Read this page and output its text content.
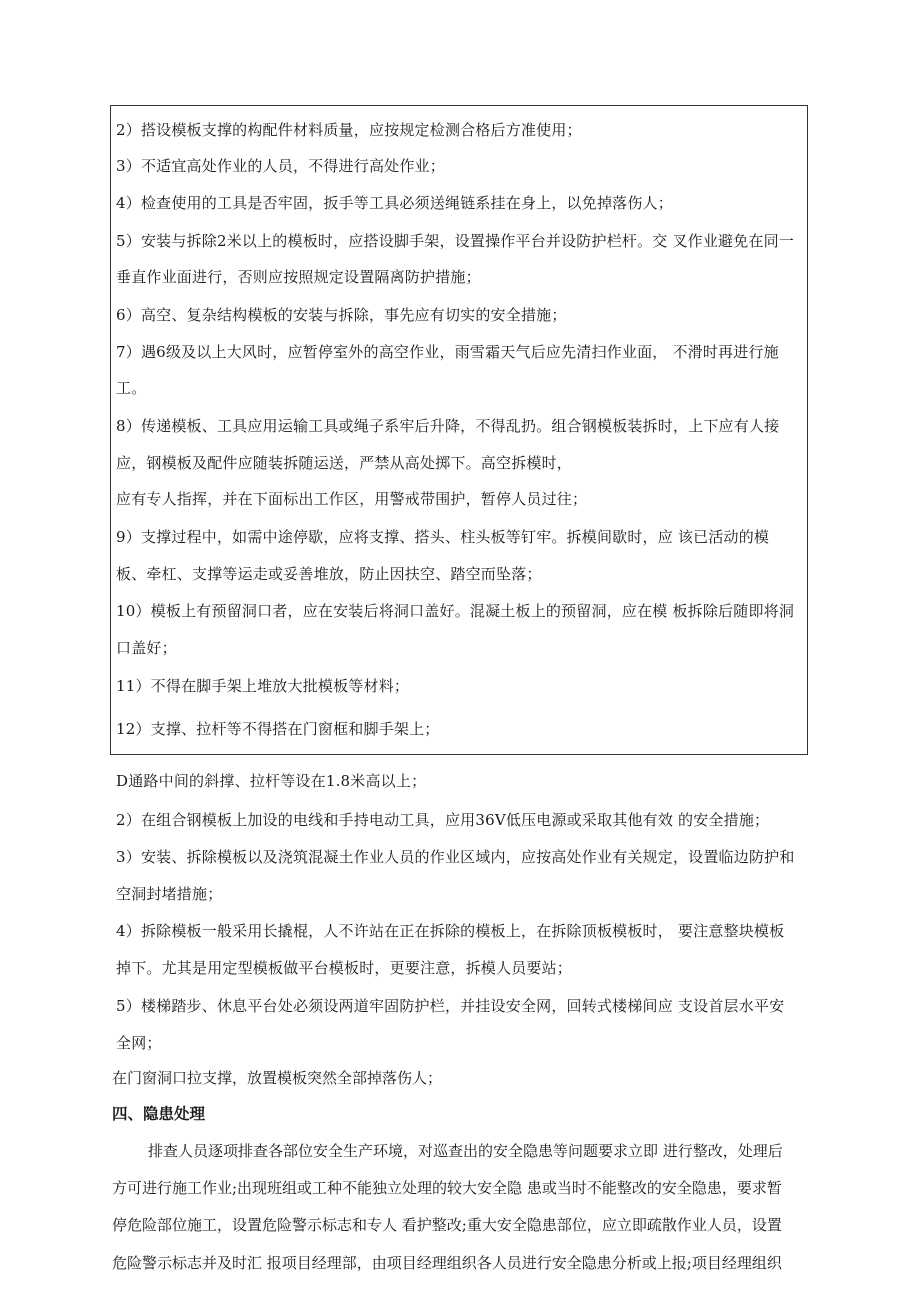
2）搭设模板支撑的构配件材料质量，应按规定检测合格后方准使用；
3）不适宜高处作业的人员，不得进行高处作业；
4）检查使用的工具是否牢固，扳手等工具必须送绳链系挂在身上，以免掉落伤人；
5）安装与拆除2米以上的模板时，应搭设脚手架，设置操作平台并设防护栏杆。交 叉作业避免在同一
垂直作业面进行，否则应按照规定设置隔离防护措施；
6）高空、复杂结构模板的安装与拆除，事先应有切实的安全措施；
7）遇6级及以上大风时，应暂停室外的高空作业，雨雪霜天气后应先清扫作业面， 不滑时再进行施
工。
8）传递模板、工具应用运输工具或绳子系牢后升降，不得乱扔。组合钢模板装拆时，上下应有人接
应，钢模板及配件应随装拆随运送，严禁从高处掷下。高空拆模时，
应有专人指挥，并在下面标出工作区，用警戒带围护，暂停人员过往；
9）支撑过程中，如需中途停歇，应将支撑、搭头、柱头板等钉牢。拆模间歇时，应 该已活动的模
板、牵杠、支撑等运走或妥善堆放，防止因扶空、踏空而坠落；
10）模板上有预留洞口者，应在安装后将洞口盖好。混凝土板上的预留洞，应在模 板拆除后随即将洞
口盖好；
11）不得在脚手架上堆放大批模板等材料；
12）支撑、拉杆等不得搭在门窗框和脚手架上；
D通路中间的斜撑、拉杆等设在1.8米高以上；
2）在组合钢模板上加设的电线和手持电动工具，应用36V低压电源或采取其他有效 的安全措施；
3）安装、拆除模板以及浇筑混凝土作业人员的作业区域内，应按高处作业有关规定，设置临边防护和
空洞封堵措施；
4）拆除模板一般采用长撬棍，人不许站在正在拆除的模板上，在拆除顶板模板时， 要注意整块模板
掉下。尤其是用定型模板做平台模板时，更要注意，拆模人员要站；
5）楼梯踏步、休息平台处必须设两道牢固防护栏，并挂设安全网，回转式楼梯间应 支设首层水平安
全网；
在门窗洞口拉支撑，放置模板突然全部掉落伤人；
四、隐患处理
排查人员逐项排查各部位安全生产环境，对巡查出的安全隐患等问题要求立即 进行整改，处理后
方可进行施工作业;出现班组或工种不能独立处理的较大安全隐 患或当时不能整改的安全隐患，要求暂
停危险部位施工，设置危险警示标志和专人 看护整改;重大安全隐患部位，应立即疏散作业人员，设置
危险警示标志并及时汇 报项目经理部，由项目经理组织各人员进行安全隐患分析或上报;项目经理组织
